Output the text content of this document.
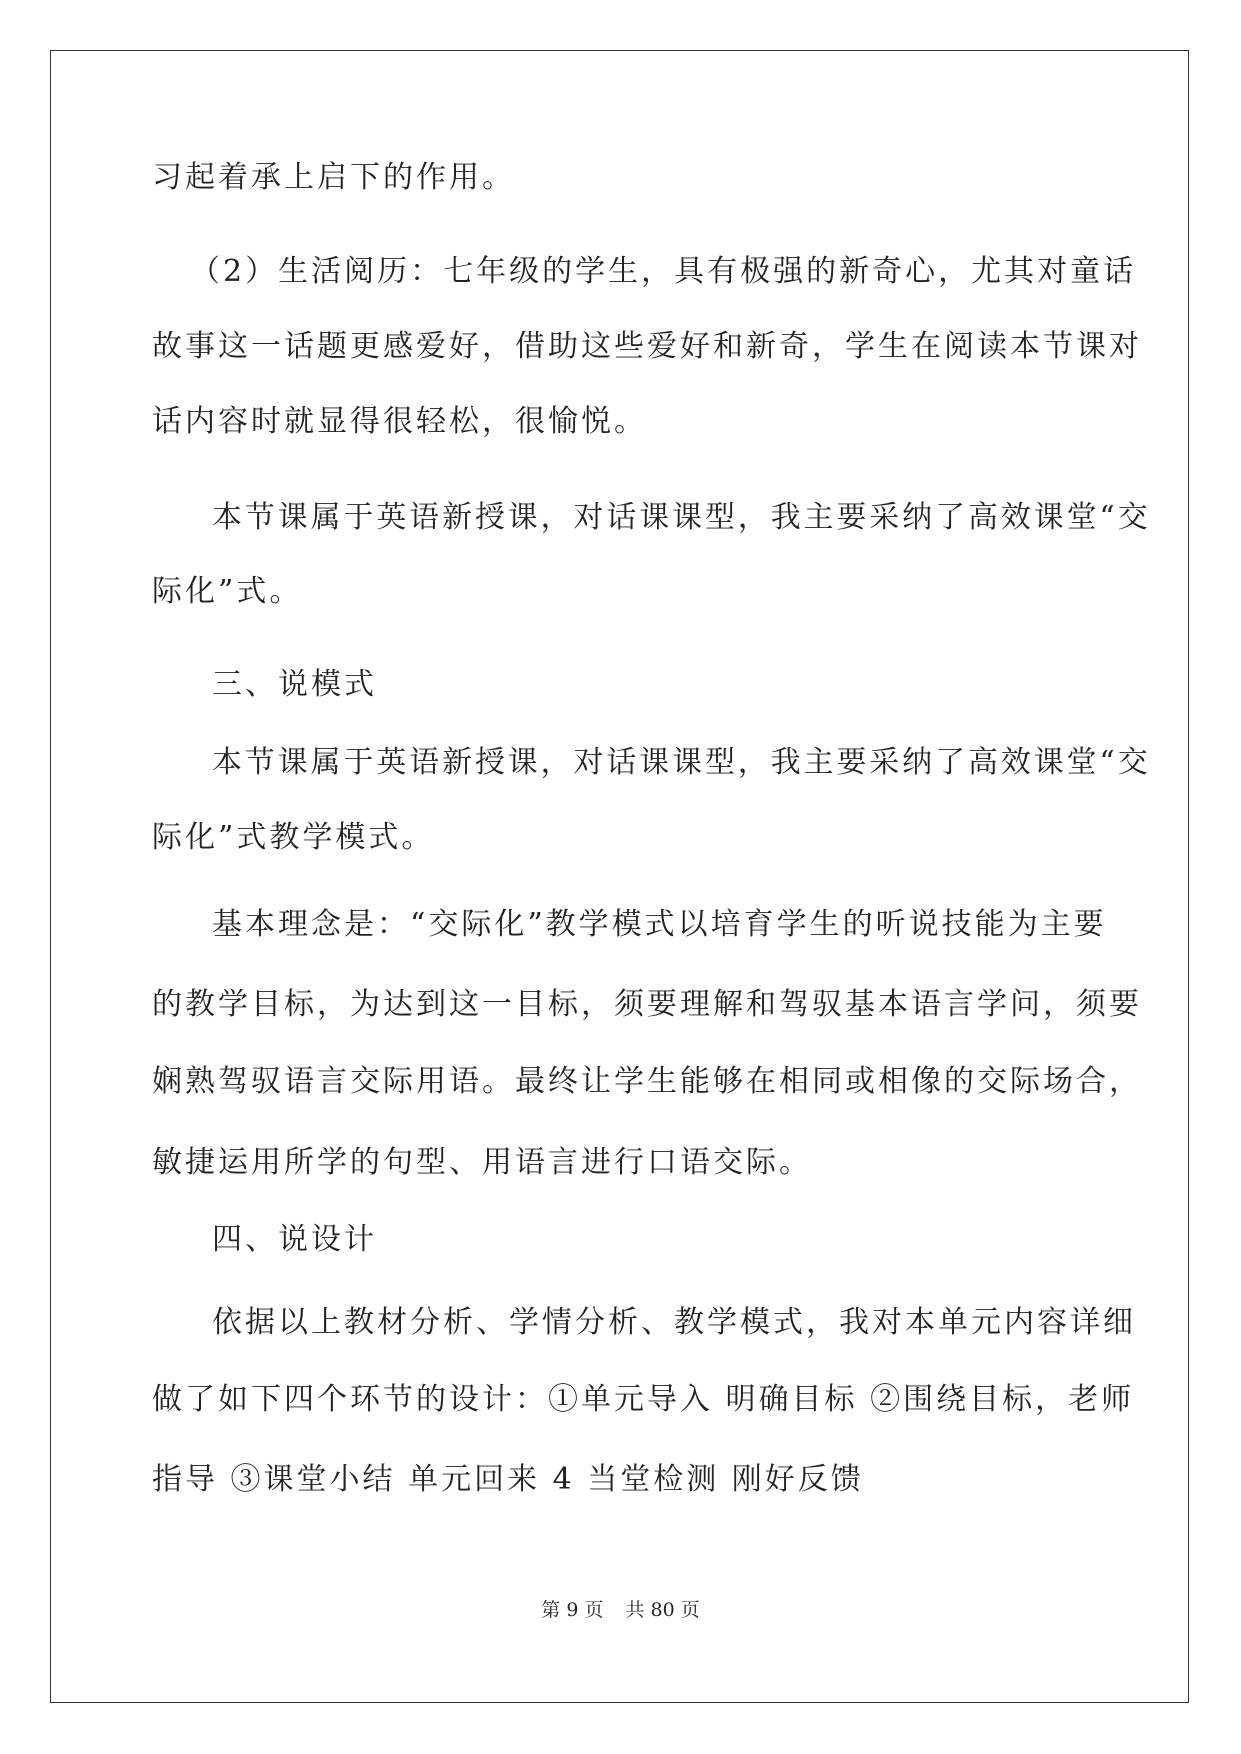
习起着承上启下的作用。
（2）生活阅历：七年级的学生，具有极强的新奇心，尤其对童话
故事这一话题更感爱好，借助这些爱好和新奇，学生在阅读本节课对
话内容时就显得很轻松，很愉悦。
本节课属于英语新授课，对话课课型，我主要采纳了高效课堂“交
际化”式。
三、说模式
本节课属于英语新授课，对话课课型，我主要采纳了高效课堂“交
际化”式教学模式。
基本理念是：“交际化”教学模式以培育学生的听说技能为主要
的教学目标，为达到这一目标，须要理解和驾驭基本语言学问，须要
娴熟驾驭语言交际用语。最终让学生能够在相同或相像的交际场合，
敏捷运用所学的句型、用语言进行口语交际。
四、说设计
依据以上教材分析、学情分析、教学模式，我对本单元内容详细
做了如下四个环节的设计：①单元导入 明确目标 ②围绕目标，老师
指导 ③课堂小结 单元回来 4 当堂检测 刚好反馈
第 9 页 共 80 页
